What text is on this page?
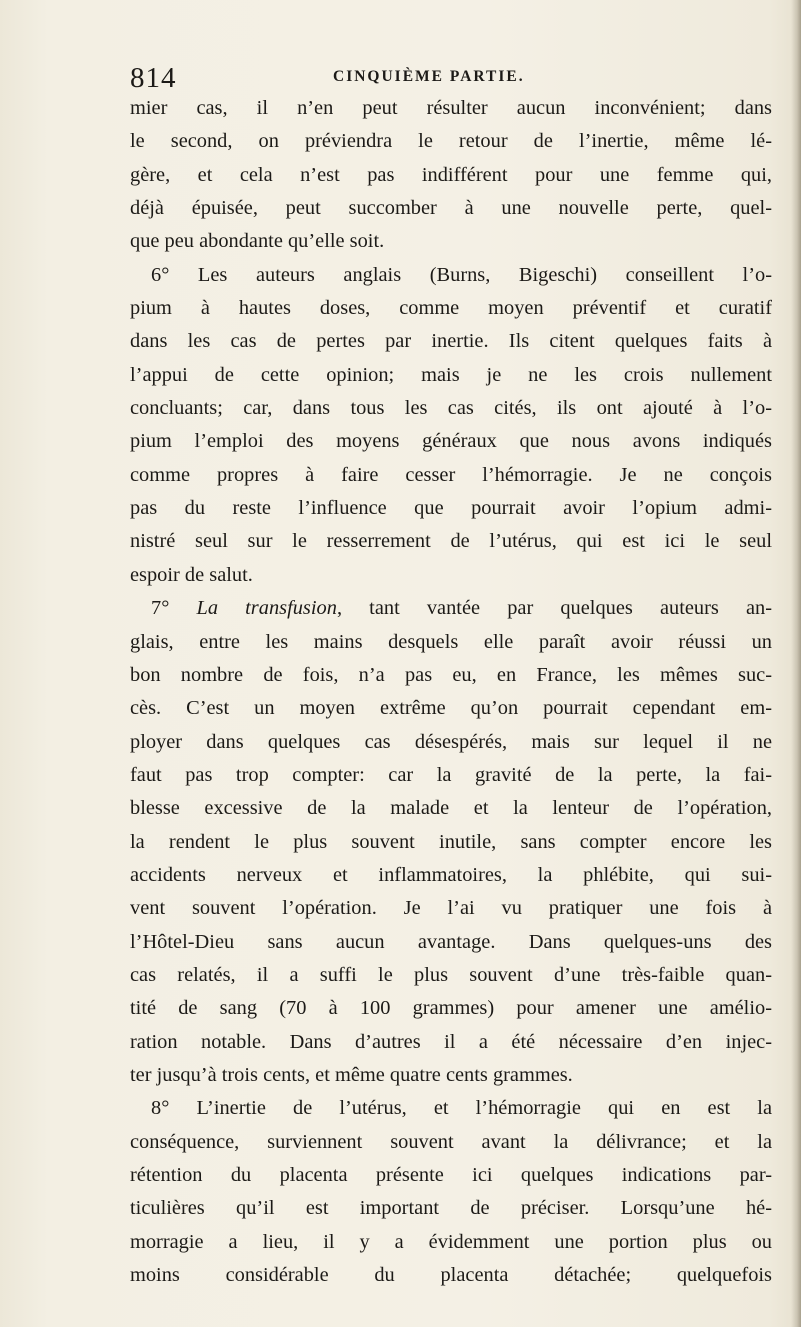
814	CINQUIÈME PARTIE.
mier cas, il n’en peut résulter aucun inconvénient; dans
le second, on préviendra le retour de l’inertie, même lé-
gère, et cela n’est pas indifférent pour une femme qui,
déjà épuisée, peut succomber à une nouvelle perte, quel-
que peu abondante qu’elle soit.
6° Les auteurs anglais (Burns, Bigeschi) conseillent l’o-
pium à hautes doses, comme moyen préventif et curatif
dans les cas de pertes par inertie. Ils citent quelques faits à
l’appui de cette opinion; mais je ne les crois nullement
concluants; car, dans tous les cas cités, ils ont ajouté à l’o-
pium l’emploi des moyens généraux que nous avons indiqués
comme propres à faire cesser l’hémorragie. Je ne conçois
pas du reste l’influence que pourrait avoir l’opium admi-
nistré seul sur le resserrement de l’utérus, qui est ici le seul
espoir de salut.
7° La transfusion, tant vantée par quelques auteurs an-
glais, entre les mains desquels elle paraît avoir réussi un
bon nombre de fois, n’a pas eu, en France, les mêmes suc-
cès. C’est un moyen extrême qu’on pourrait cependant em-
ployer dans quelques cas désespérés, mais sur lequel il ne
faut pas trop compter: car la gravité de la perte, la fai-
blesse excessive de la malade et la lenteur de l’opération,
la rendent le plus souvent inutile, sans compter encore les
accidents nerveux et inflammatoires, la phlébite, qui sui-
vent souvent l’opération. Je l’ai vu pratiquer une fois à
l’Hôtel-Dieu sans aucun avantage. Dans quelques-uns des
cas relatés, il a suffi le plus souvent d’une très-faible quan-
tité de sang (70 à 100 grammes) pour amener une amélio-
ration notable. Dans d’autres il a été nécessaire d’en injec-
ter jusqu’à trois cents, et même quatre cents grammes.
8° L’inertie de l’utérus, et l’hémorragie qui en est la
conséquence, surviennent souvent avant la délivrance; et la
rétention du placenta présente ici quelques indications par-
ticulières qu’il est important de préciser. Lorsqu’une hé-
morragie a lieu, il y a évidemment une portion plus ou
moins considérable du placenta détachée; quelquefois
